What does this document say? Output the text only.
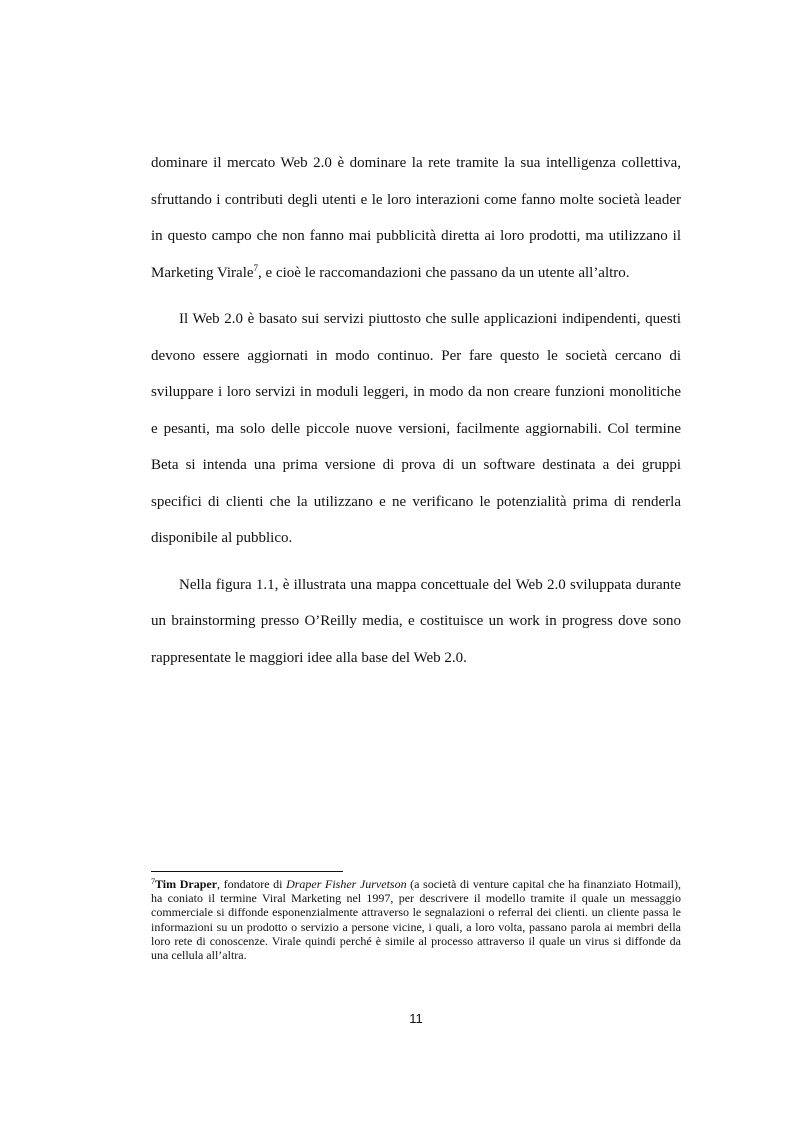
dominare il mercato Web 2.0 è dominare la rete tramite la sua intelligenza collettiva, sfruttando i contributi degli utenti e le loro interazioni come fanno molte società leader in questo campo che non fanno mai pubblicità diretta ai loro prodotti, ma utilizzano il Marketing Virale$^7$, e cioè le raccomandazioni che passano da un utente all’altro.

Il Web 2.0 è basato sui servizi piuttosto che sulle applicazioni indipendenti, questi devono essere aggiornati in modo continuo. Per fare questo le società cercano di sviluppare i loro servizi in moduli leggeri, in modo da non creare funzioni monolitiche e pesanti, ma solo delle piccole nuove versioni, facilmente aggiornabili. Col termine Beta si intenda una prima versione di prova di un software destinata a dei gruppi specifici di clienti che la utilizzano e ne verificano le potenzialità prima di renderla disponibile al pubblico.

Nella figura 1.1, è illustrata una mappa concettuale del Web 2.0 sviluppata durante un brainstorming presso O’Reilly media, e costituisce un work in progress dove sono rappresentate le maggiori idee alla base del Web 2.0.

$^7$Tim Draper, fondatore di Draper Fisher Jurvetson (a società di venture capital che ha finanziato Hotmail), ha coniato il termine Viral Marketing nel 1997, per descrivere il modello tramite il quale un messaggio commerciale si diffonde esponenzialmente attraverso le segnalazioni o referral dei clienti. un cliente passa le informazioni su un prodotto o servizio a persone vicine, i quali, a loro volta, passano parola ai membri della loro rete di conoscenze. Virale quindi perché è simile al processo attraverso il quale un virus si diffonde da una cellula all’altra.

11
